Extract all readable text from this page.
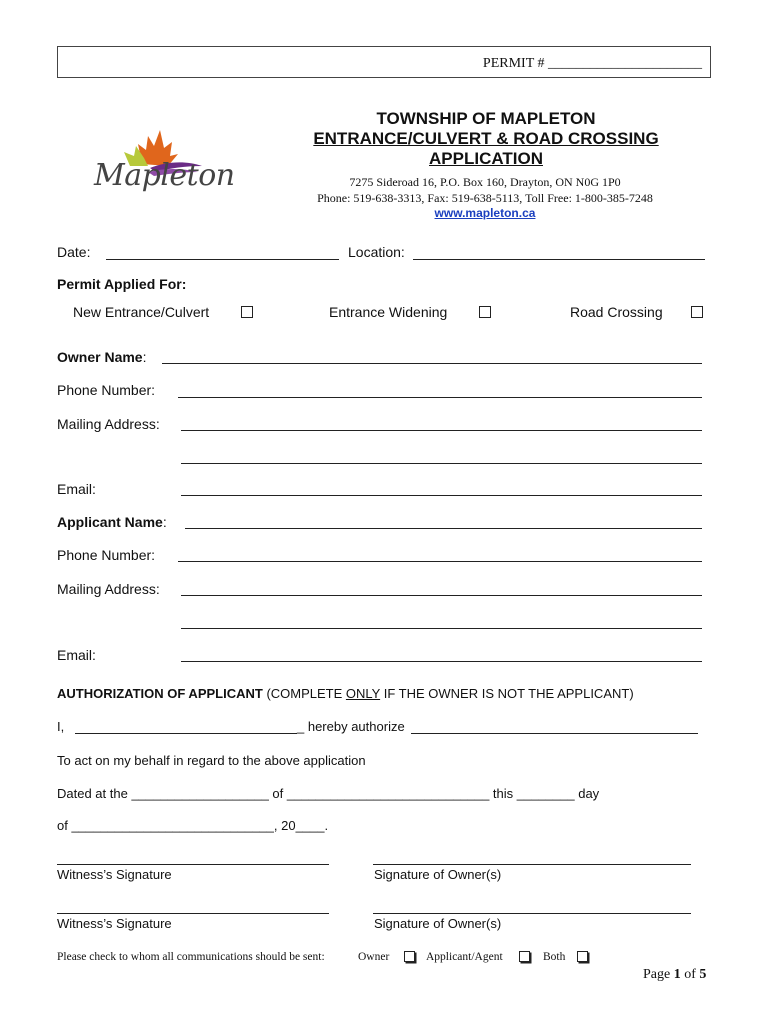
PERMIT # ______________________
Mapleton
TOWNSHIP OF MAPLETON
ENTRANCE/CULVERT & ROAD CROSSING
APPLICATION
7275 Sideroad 16, P.O. Box 160, Drayton, ON N0G 1P0
Phone: 519-638-3313, Fax: 519-638-5113, Toll Free: 1-800-385-7248
www.mapleton.ca
Date:	Location:
Permit Applied For:
New Entrance/Culvert	Entrance Widening	Road Crossing
Owner Name:
Phone Number:
Mailing Address:
Email:
Applicant Name:
Phone Number:
Mailing Address:
Email:
AUTHORIZATION OF APPLICANT (COMPLETE ONLY IF THE OWNER IS NOT THE APPLICANT)
I,	_ hereby authorize
To act on my behalf in regard to the above application
Dated at the ___________________ of ____________________________ this ________ day
of ____________________________, 20____.
Witness’s Signature	Signature of Owner(s)
Witness’s Signature	Signature of Owner(s)
Please check to whom all communications should be sent:	Owner	Applicant/Agent	Both
Page 1 of 5
